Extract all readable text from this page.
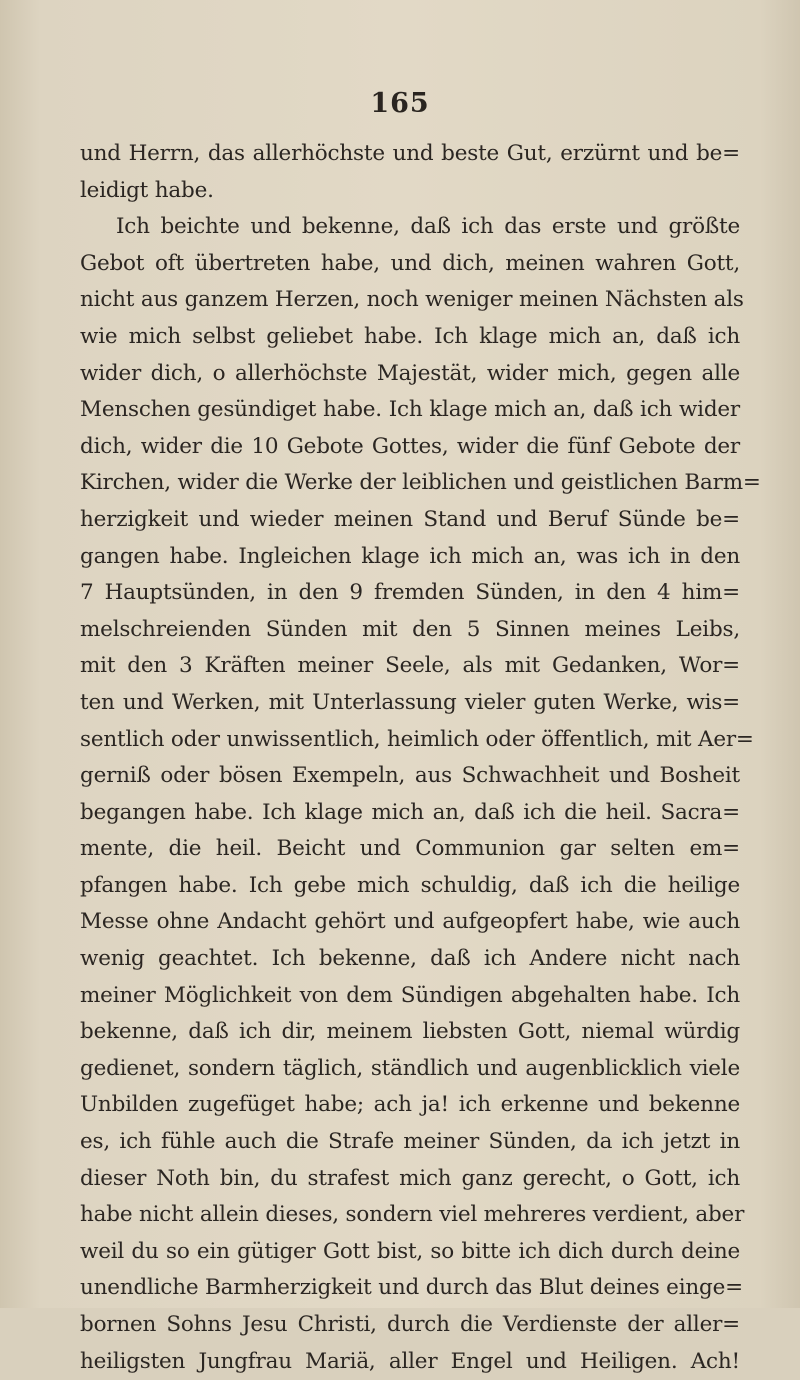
165
und Herrn, das allerhöchste und beste Gut, erzürnt und be=
leidigt habe.
Ich beichte und bekenne, daß ich das erste und größte
Gebot oft übertreten habe, und dich, meinen wahren Gott,
nicht aus ganzem Herzen, noch weniger meinen Nächsten als
wie mich selbst geliebet habe. Ich klage mich an, daß ich
wider dich, o allerhöchste Majestät, wider mich, gegen alle
Menschen gesündiget habe. Ich klage mich an, daß ich wider
dich, wider die 10 Gebote Gottes, wider die fünf Gebote der
Kirchen, wider die Werke der leiblichen und geistlichen Barm=
herzigkeit und wieder meinen Stand und Beruf Sünde be=
gangen habe. Ingleichen klage ich mich an, was ich in den
7 Hauptsünden, in den 9 fremden Sünden, in den 4 him=
melschreienden Sünden mit den 5 Sinnen meines Leibs,
mit den 3 Kräften meiner Seele, als mit Gedanken, Wor=
ten und Werken, mit Unterlassung vieler guten Werke, wis=
sentlich oder unwissentlich, heimlich oder öffentlich, mit Aer=
gerniß oder bösen Exempeln, aus Schwachheit und Bosheit
begangen habe. Ich klage mich an, daß ich die heil. Sacra=
mente, die heil. Beicht und Communion gar selten em=
pfangen habe. Ich gebe mich schuldig, daß ich die heilige
Messe ohne Andacht gehört und aufgeopfert habe, wie auch
wenig geachtet. Ich bekenne, daß ich Andere nicht nach
meiner Möglichkeit von dem Sündigen abgehalten habe. Ich
bekenne, daß ich dir, meinem liebsten Gott, niemal würdig
gedienet, sondern täglich, ständlich und augenblicklich viele
Unbilden zugefüget habe; ach ja! ich erkenne und bekenne
es, ich fühle auch die Strafe meiner Sünden, da ich jetzt in
dieser Noth bin, du strafest mich ganz gerecht, o Gott, ich
habe nicht allein dieses, sondern viel mehreres verdient, aber
weil du so ein gütiger Gott bist, so bitte ich dich durch deine
unendliche Barmherzigkeit und durch das Blut deines einge=
bornen Sohns Jesu Christi, durch die Verdienste der aller=
heiligsten Jungfrau Mariä, aller Engel und Heiligen. Ach!
